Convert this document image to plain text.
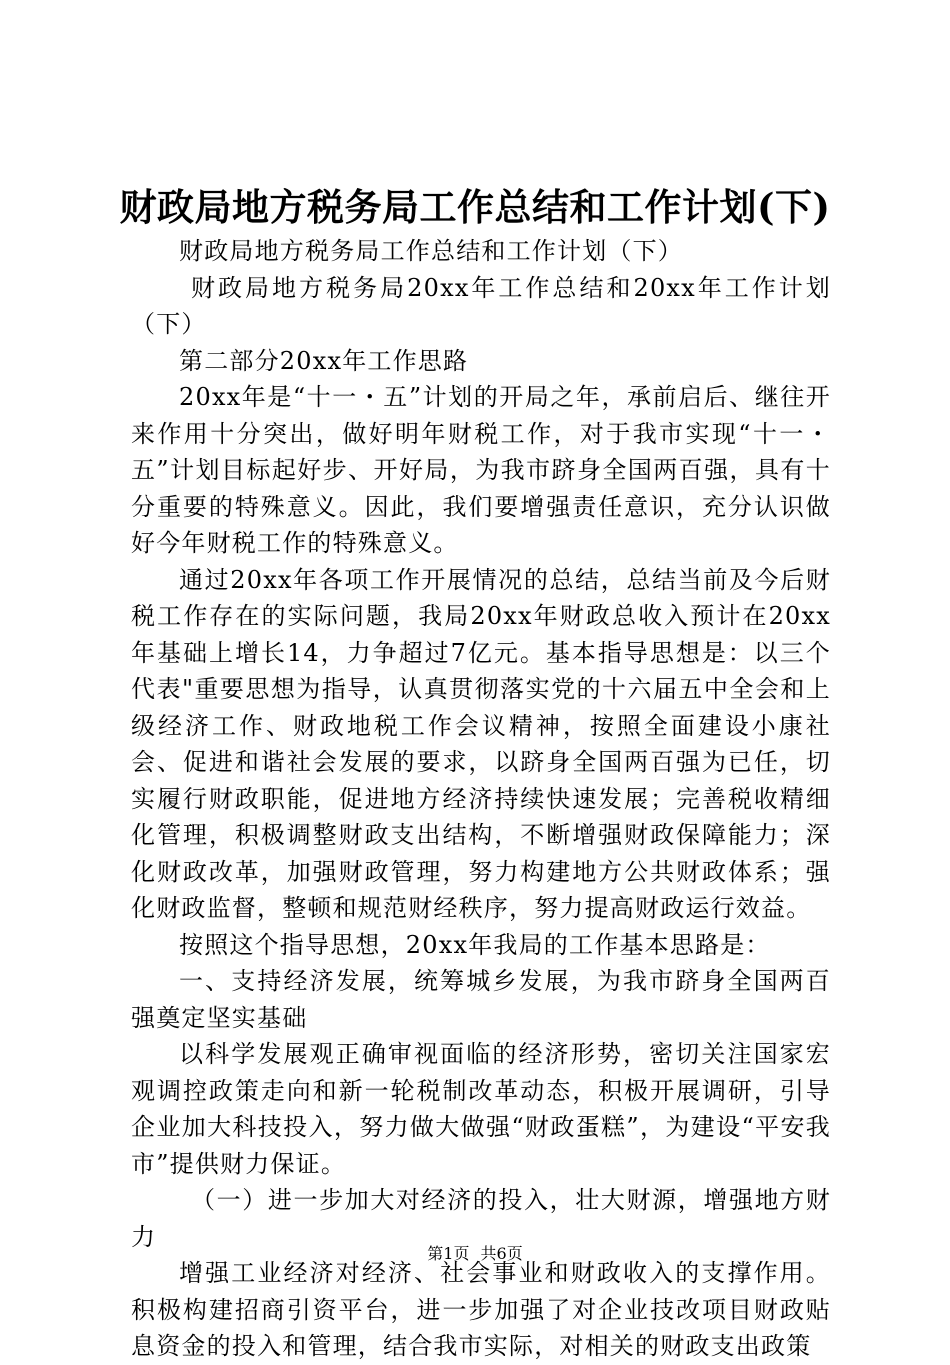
财政局地方税务局工作总结和工作计划(下)

财政局地方税务局工作总结和工作计划（下）

财政局地方税务局20xx年工作总结和20xx年工作计划（下）

第二部分20xx年工作思路

20xx年是“十一・五”计划的开局之年，承前启后、继往开来作用十分突出，做好明年财税工作，对于我市实现“十一・五”计划目标起好步、开好局，为我市跻身全国两百强，具有十分重要的特殊意义。因此，我们要增强责任意识，充分认识做好今年财税工作的特殊意义。

通过20xx年各项工作开展情况的总结，总结当前及今后财税工作存在的实际问题，我局20xx年财政总收入预计在20xx年基础上增长14，力争超过7亿元。基本指导思想是：以三个代表"重要思想为指导，认真贯彻落实党的十六届五中全会和上级经济工作、财政地税工作会议精神，按照全面建设小康社会、促进和谐社会发展的要求，以跻身全国两百强为已任，切实履行财政职能，促进地方经济持续快速发展；完善税收精细化管理，积极调整财政支出结构，不断增强财政保障能力；深化财政改革，加强财政管理，努力构建地方公共财政体系；强化财政监督，整顿和规范财经秩序，努力提高财政运行效益。

按照这个指导思想，20xx年我局的工作基本思路是：

一、支持经济发展，统筹城乡发展，为我市跻身全国两百强奠定坚实基础

以科学发展观正确审视面临的经济形势，密切关注国家宏观调控政策走向和新一轮税制改革动态，积极开展调研，引导企业加大科技投入，努力做大做强“财政蛋糕”，为建设“平安我市”提供财力保证。

（一）进一步加大对经济的投入，壮大财源，增强地方财力

增强工业经济对经济、社会事业和财政收入的支撑作用。积极构建招商引资平台，进一步加强了对企业技改项目财政贴息资金的投入和管理，结合我市实际，对相关的财政支出政策

第1页 共6页
